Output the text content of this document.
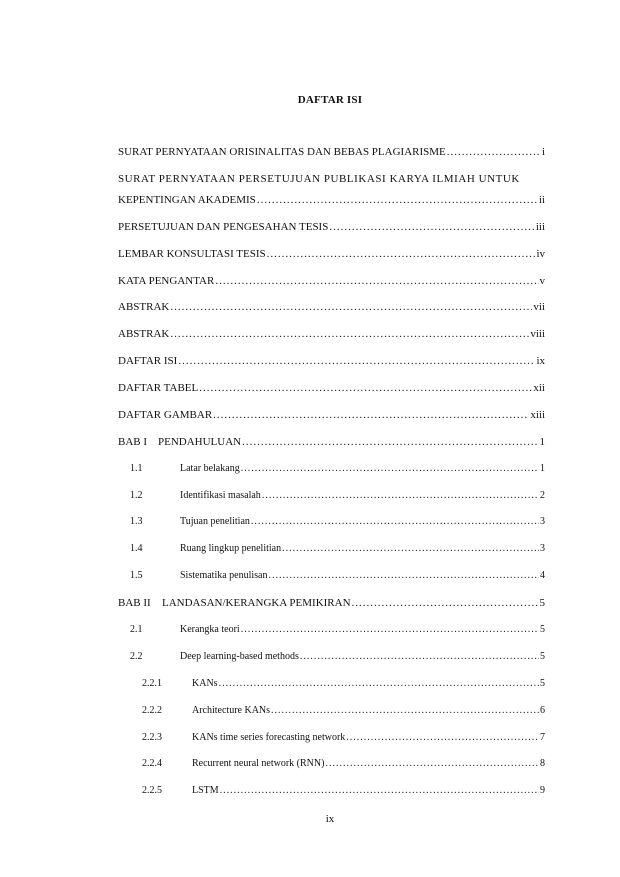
DAFTAR ISI
SURAT PERNYATAAN ORISINALITAS DAN BEBAS PLAGIARISME .....	i
SURAT PERNYATAAN PERSETUJUAN PUBLIKASI KARYA ILMIAH UNTUK
KEPENTINGAN AKADEMIS .....	ii
PERSETUJUAN DAN PENGESAHAN TESIS .....	iii
LEMBAR KONSULTASI TESIS .....	iv
KATA PENGANTAR .....	v
ABSTRAK .....	vii
ABSTRAK .....	viii
DAFTAR ISI .....	ix
DAFTAR TABEL .....	xii
DAFTAR GAMBAR .....	xiii
BAB I PENDAHULUAN .....	1
1.1	Latar belakang .....	1
1.2	Identifikasi masalah .....	2
1.3	Tujuan penelitian .....	3
1.4	Ruang lingkup penelitian .....	3
1.5	Sistematika penulisan .....	4
BAB II	LANDASAN/KERANGKA PEMIKIRAN .....	5
2.1	Kerangka teori .....	5
2.2	Deep learning-based methods .....	5
2.2.1	KANs .....	5
2.2.2	Architecture KANs .....	6
2.2.3	KANs time series forecasting network .....	7
2.2.4	Recurrent neural network (RNN) .....	8
2.2.5	LSTM .....	9
ix
